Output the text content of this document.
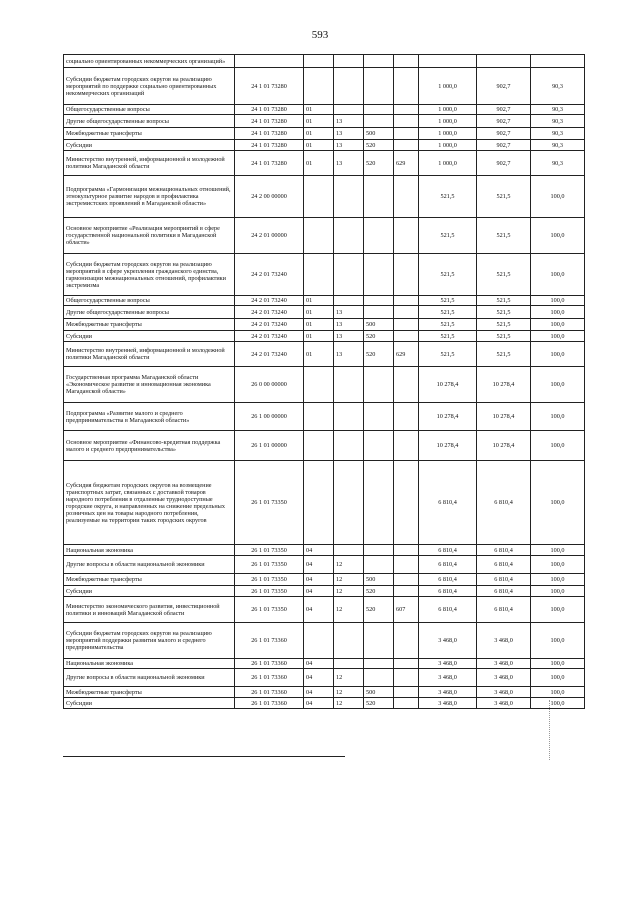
593
социально ориентированных некоммерческих организаций»								
Субсидии бюджетам городских округов на реализацию мероприятий по поддержке социально ориентированных некоммерческих организаций	24 1 01 73280					1 000,0	902,7	90,3
Общегосударственные вопросы	24 1 01 73280	01				1 000,0	902,7	90,3
Другие общегосударственные вопросы	24 1 01 73280	01	13			1 000,0	902,7	90,3
Межбюджетные трансферты	24 1 01 73280	01	13	500		1 000,0	902,7	90,3
Субсидии	24 1 01 73280	01	13	520		1 000,0	902,7	90,3
Министерство внутренней, информационной и молодежной политики Магаданской области	24 1 01 73280	01	13	520	629	1 000,0	902,7	90,3
Подпрограмма «Гармонизация межнациональных отношений, этнокультурное развитие народов и профилактика экстремистских проявлений в Магаданской области»	24 2 00 00000					521,5	521,5	100,0
Основное мероприятие «Реализация мероприятий в сфере государственной национальной политики в Магаданской области»	24 2 01 00000					521,5	521,5	100,0
Субсидии бюджетам городских округов на реализацию мероприятий в сфере укрепления гражданского единства, гармонизации межнациональных отношений, профилактики экстремизма	24 2 01 73240					521,5	521,5	100,0
Общегосударственные вопросы	24 2 01 73240	01				521,5	521,5	100,0
Другие общегосударственные вопросы	24 2 01 73240	01	13			521,5	521,5	100,0
Межбюджетные трансферты	24 2 01 73240	01	13	500		521,5	521,5	100,0
Субсидии	24 2 01 73240	01	13	520		521,5	521,5	100,0
Министерство внутренней, информационной и молодежной политики Магаданской области	24 2 01 73240	01	13	520	629	521,5	521,5	100,0
Государственная программа Магаданской области «Экономическое развитие и инновационная экономика Магаданской области»	26 0 00 00000					10 278,4	10 278,4	100,0
Подпрограмма «Развитие малого и среднего предпринимательства в Магаданской области»	26 1 00 00000					10 278,4	10 278,4	100,0
Основное мероприятие «Финансово-кредитная поддержка малого и среднего предпринимательства»	26 1 01 00000					10 278,4	10 278,4	100,0
Субсидия бюджетам городских округов на возмещение транспортных затрат, связанных с доставкой товаров народного потребления в отдаленные труднодоступные городские округа, и направленных на снижение предельных розничных цен на товары народного потребления, реализуемые на территории таких городских округов	26 1 01 73350					6 810,4	6 810,4	100,0
Национальная экономика	26 1 01 73350	04				6 810,4	6 810,4	100,0
Другие вопросы в области национальной экономики	26 1 01 73350	04	12			6 810,4	6 810,4	100,0
Межбюджетные трансферты	26 1 01 73350	04	12	500		6 810,4	6 810,4	100,0
Субсидии	26 1 01 73350	04	12	520		6 810,4	6 810,4	100,0
Министерство экономического развития, инвестиционной политики и инноваций Магаданской области	26 1 01 73350	04	12	520	607	6 810,4	6 810,4	100,0
Субсидии бюджетам городских округов на реализацию мероприятий поддержки развития малого и среднего предпринимательства	26 1 01 73360					3 468,0	3 468,0	100,0
Национальная экономика	26 1 01 73360	04				3 468,0	3 468,0	100,0
Другие вопросы в области национальной экономики	26 1 01 73360	04	12			3 468,0	3 468,0	100,0
Межбюджетные трансферты	26 1 01 73360	04	12	500		3 468,0	3 468,0	100,0
Субсидии	26 1 01 73360	04	12	520		3 468,0	3 468,0	100,0
